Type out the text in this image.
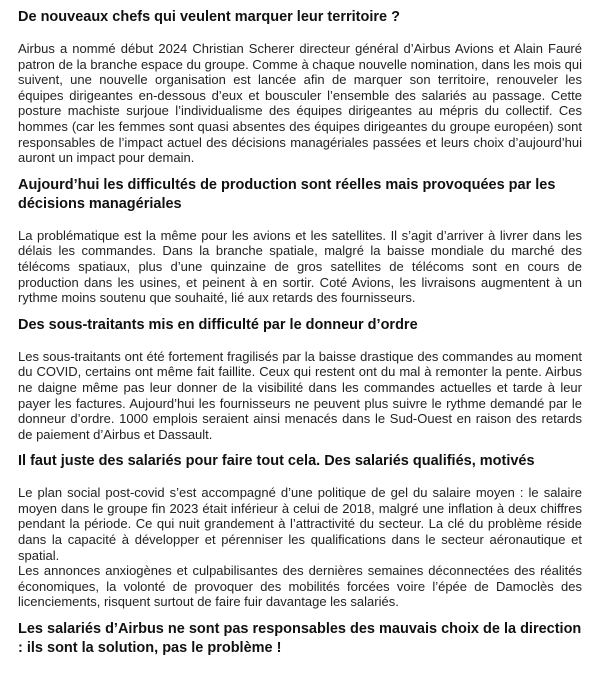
De nouveaux chefs qui veulent marquer leur territoire ?

Airbus a nommé début 2024 Christian Scherer directeur général d’Airbus Avions et Alain Fauré patron de la branche espace du groupe. Comme à chaque nouvelle nomination, dans les mois qui suivent, une nouvelle organisation est lancée afin de marquer son territoire, renouveler les équipes dirigeantes en-dessous d’eux et bousculer l’ensemble des salariés au passage. Cette posture machiste surjoue l’individualisme des équipes dirigeantes au mépris du collectif. Ces hommes (car les femmes sont quasi absentes des équipes dirigeantes du groupe européen) sont responsables de l’impact actuel des décisions managériales passées et leurs choix d’aujourd’hui auront un impact pour demain.

Aujourd’hui les difficultés de production sont réelles mais provoquées par les décisions managériales

La problématique est la même pour les avions et les satellites. Il s’agit d’arriver à livrer dans les délais les commandes. Dans la branche spatiale, malgré la baisse mondiale du marché des télécoms spatiaux, plus d’une quinzaine de gros satellites de télécoms sont en cours de production dans les usines, et peinent à en sortir. Coté Avions, les livraisons augmentent à un rythme moins soutenu que souhaité, lié aux retards des fournisseurs.

Des sous-traitants mis en difficulté par le donneur d’ordre

Les sous-traitants ont été fortement fragilisés par la baisse drastique des commandes au moment du COVID, certains ont même fait faillite. Ceux qui restent ont du mal à remonter la pente. Airbus ne daigne même pas leur donner de la visibilité dans les commandes actuelles et tarde à leur payer les factures. Aujourd’hui les fournisseurs ne peuvent plus suivre le rythme demandé par le donneur d’ordre. 1000 emplois seraient ainsi menacés dans le Sud-Ouest en raison des retards de paiement d’Airbus et Dassault.

Il faut juste des salariés pour faire tout cela. Des salariés qualifiés, motivés

Le plan social post-covid s’est accompagné d’une politique de gel du salaire moyen : le salaire moyen dans le groupe fin 2023 était inférieur à celui de 2018, malgré une inflation à deux chiffres pendant la période. Ce qui nuit grandement à l’attractivité du secteur. La clé du problème réside dans la capacité à développer et pérenniser les qualifications dans le secteur aéronautique et spatial.

Les annonces anxiogènes et culpabilisantes des dernières semaines déconnectées des réalités économiques, la volonté de provoquer des mobilités forcées voire l’épée de Damoclès des licenciements, risquent surtout de faire fuir davantage les salariés.

Les salariés d’Airbus ne sont pas responsables des mauvais choix de la direction : ils sont la solution, pas le problème !
